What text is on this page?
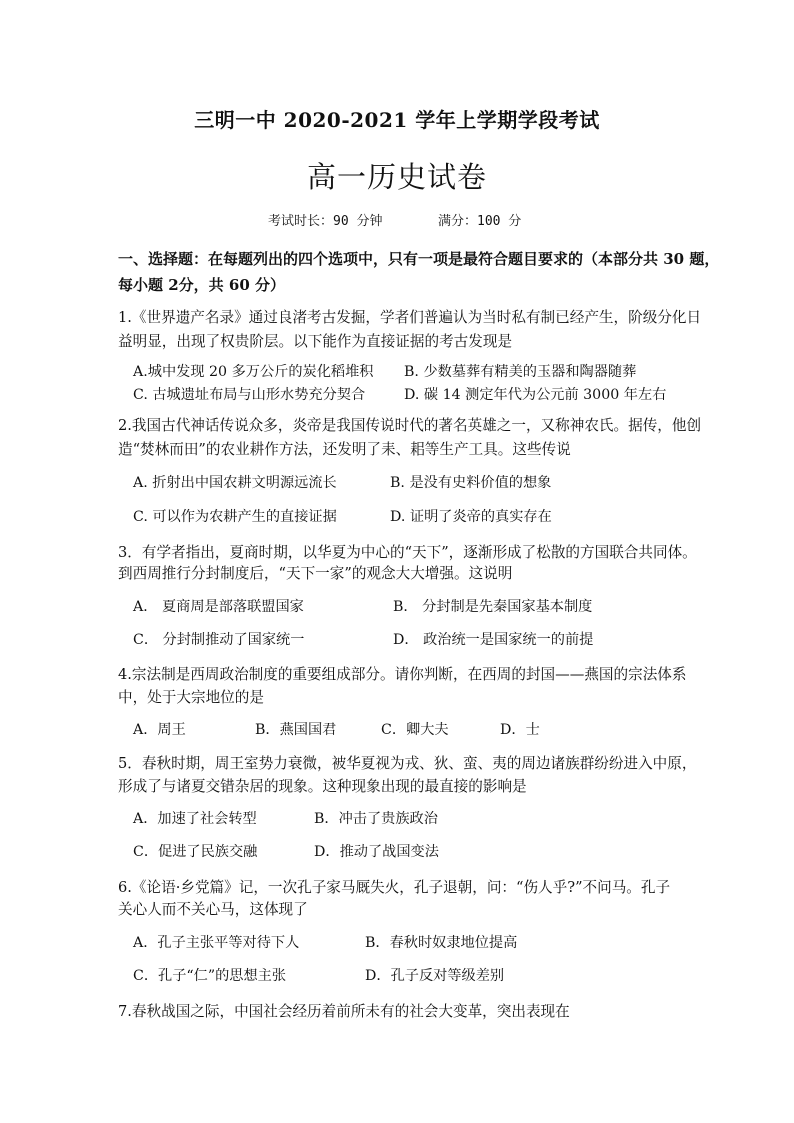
三明一中 2020-2021 学年上学期学段考试
高一历史试卷
考试时长：90 分钟	满分：100 分
一、选择题：在每题列出的四个选项中，只有一项是最符合题目要求的（本部分共 30 题，
每小题 2分，共 60 分）
1.《世界遗产名录》通过良渚考古发掘，学者们普遍认为当时私有制已经产生，阶级分化日
益明显，出现了权贵阶层。以下能作为直接证据的考古发现是
A.城中发现 20 多万公斤的炭化稻堆积 B. 少数墓葬有精美的玉器和陶器随葬
C. 古城遗址布局与山形水势充分契合	D. 碳 14 测定年代为公元前 3000 年左右
2.我国古代神话传说众多，炎帝是我国传说时代的著名英雄之一，又称神农氏。据传，他创
造“焚林而田”的农业耕作方法，还发明了耒、耜等生产工具。这些传说
A. 折射出中国农耕文明源远流长	B. 是没有史料价值的想象
C. 可以作为农耕产生的直接证据	D. 证明了炎帝的真实存在
3．有学者指出，夏商时期，以华夏为中心的“天下”，逐渐形成了松散的方国联合共同体。
到西周推行分封制度后，“天下一家”的观念大大增强。这说明
A． 夏商周是部落联盟国家	B． 分封制是先秦国家基本制度
C． 分封制推动了国家统一	D． 政治统一是国家统一的前提
4.宗法制是西周政治制度的重要组成部分。请你判断，在西周的封国——燕国的宗法体系
中，处于大宗地位的是
A．周王	B．燕国国君	C．卿大夫	D．士
5．春秋时期，周王室势力衰微，被华夏视为戎、狄、蛮、夷的周边诸族群纷纷进入中原，
形成了与诸夏交错杂居的现象。这种现象出现的最直接的影响是
A．加速了社会转型	B．冲击了贵族政治
C．促进了民族交融	D．推动了战国变法
6.《论语·乡党篇》记，一次孔子家马厩失火，孔子退朝，问：“伤人乎?”不问马。孔子
关心人而不关心马，这体现了
A．孔子主张平等对待下人	B．春秋时奴隶地位提高
C．孔子“仁”的思想主张	D．孔子反对等级差别
7.春秋战国之际，中国社会经历着前所未有的社会大变革，突出表现在
